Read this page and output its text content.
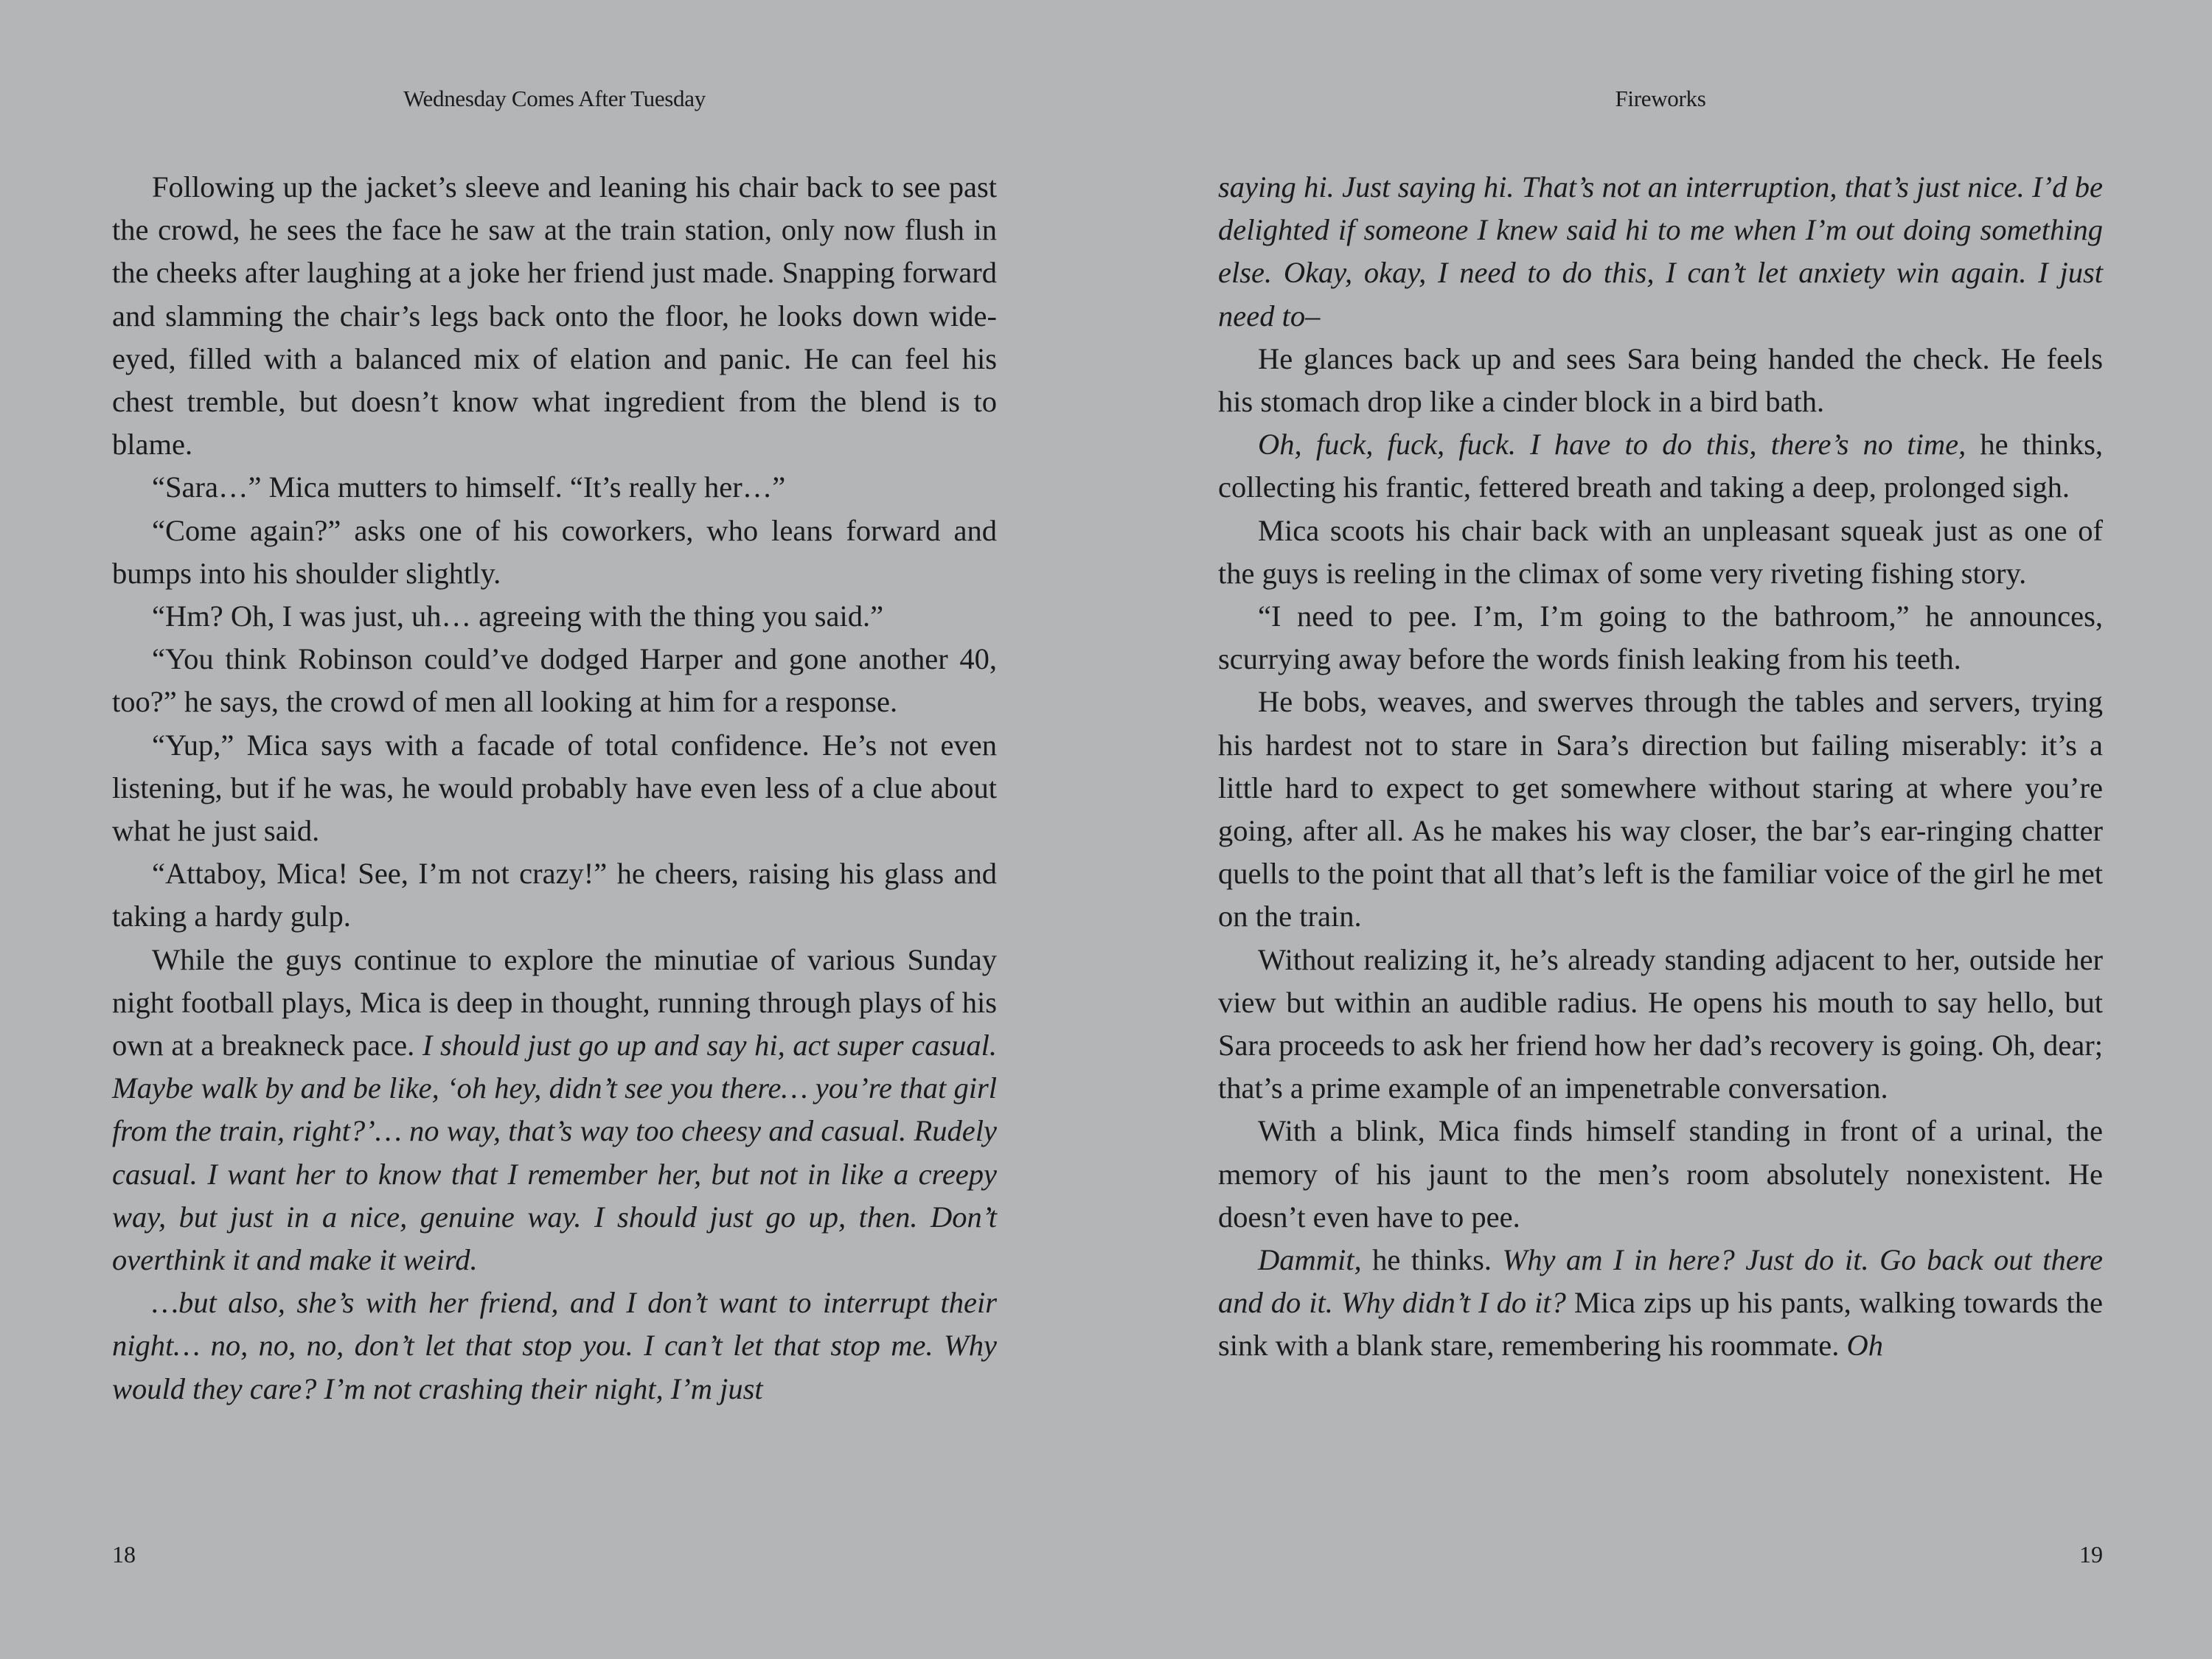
Wednesday Comes After Tuesday

Following up the jacket’s sleeve and leaning his chair back to see past the crowd, he sees the face he saw at the train station, only now flush in the cheeks after laughing at a joke her friend just made. Snapping forward and slamming the chair’s legs back onto the floor, he looks down wide-eyed, filled with a balanced mix of elation and panic. He can feel his chest tremble, but doesn’t know what ingredient from the blend is to blame.

“Sara…” Mica mutters to himself. “It’s really her…”

“Come again?” asks one of his coworkers, who leans forward and bumps into his shoulder slightly.

“Hm? Oh, I was just, uh… agreeing with the thing you said.”

“You think Robinson could’ve dodged Harper and gone another 40, too?” he says, the crowd of men all looking at him for a response.

“Yup,” Mica says with a facade of total confidence. He’s not even listening, but if he was, he would probably have even less of a clue about what he just said.

“Attaboy, Mica! See, I’m not crazy!” he cheers, raising his glass and taking a hardy gulp.

While the guys continue to explore the minutiae of various Sunday night football plays, Mica is deep in thought, running through plays of his own at a breakneck pace. I should just go up and say hi, act super casual. Maybe walk by and be like, ‘oh hey, didn’t see you there… you’re that girl from the train, right?’… no way, that’s way too cheesy and casual. Rudely casual. I want her to know that I remember her, but not in like a creepy way, but just in a nice, genuine way. I should just go up, then. Don’t overthink it and make it weird.

…but also, she’s with her friend, and I don’t want to interrupt their night… no, no, no, don’t let that stop you. I can’t let that stop me. Why would they care? I’m not crashing their night, I’m just

18
Fireworks

saying hi. Just saying hi. That’s not an interruption, that’s just nice. I’d be delighted if someone I knew said hi to me when I’m out doing something else. Okay, okay, I need to do this, I can’t let anxiety win again. I just need to–

He glances back up and sees Sara being handed the check. He feels his stomach drop like a cinder block in a bird bath.

Oh, fuck, fuck, fuck. I have to do this, there’s no time, he thinks, collecting his frantic, fettered breath and taking a deep, prolonged sigh.

Mica scoots his chair back with an unpleasant squeak just as one of the guys is reeling in the climax of some very riveting fishing story.

“I need to pee. I’m, I’m going to the bathroom,” he announces, scurrying away before the words finish leaking from his teeth.

He bobs, weaves, and swerves through the tables and servers, trying his hardest not to stare in Sara’s direction but failing miserably: it’s a little hard to expect to get somewhere without staring at where you’re going, after all. As he makes his way closer, the bar’s ear-ringing chatter quells to the point that all that’s left is the familiar voice of the girl he met on the train.

Without realizing it, he’s already standing adjacent to her, outside her view but within an audible radius. He opens his mouth to say hello, but Sara proceeds to ask her friend how her dad’s recovery is going. Oh, dear; that’s a prime example of an impenetrable conversation.

With a blink, Mica finds himself standing in front of a urinal, the memory of his jaunt to the men’s room absolutely nonexistent. He doesn’t even have to pee.

Dammit, he thinks. Why am I in here? Just do it. Go back out there and do it. Why didn’t I do it? Mica zips up his pants, walking towards the sink with a blank stare, remembering his roommate. Oh

19
